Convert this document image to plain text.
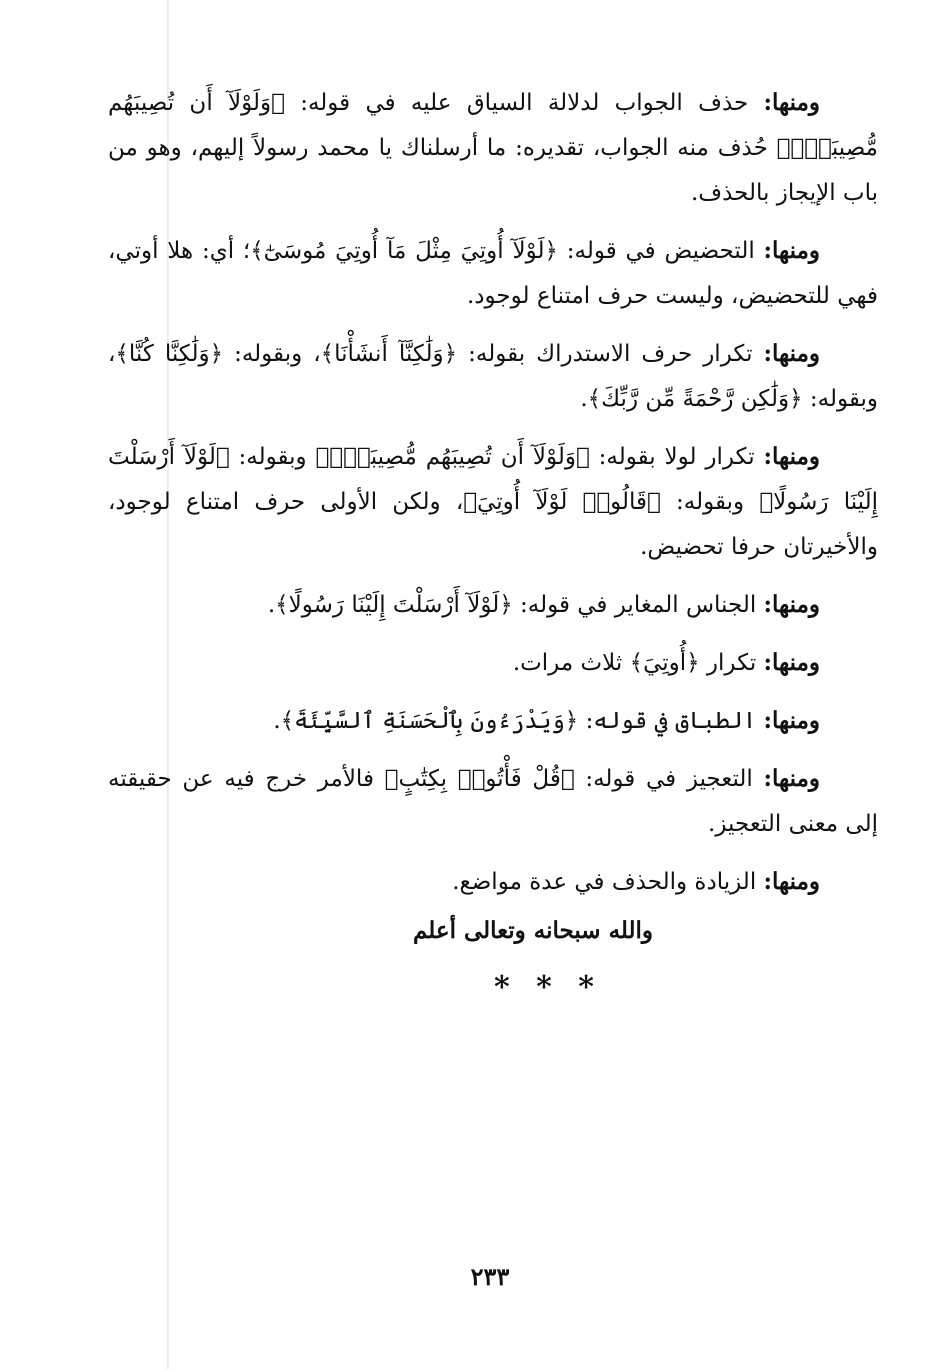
ومنها: حذف الجواب لدلالة السياق عليه في قوله: ﴿وَلَوْلَآ أَن تُصِيبَهُم مُّصِيبَةٌۢ﴾ حُذف منه الجواب، تقديره: ما أرسلناك يا محمد رسولاً إليهم، وهو من باب الإيجاز بالحذف.

ومنها: التحضيض في قوله: ﴿لَوْلَآ أُوتِيَ مِثْلَ مَآ أُوتِيَ مُوسَىٰٓ﴾؛ أي: هلا أوتي، فهي للتحضيض، وليست حرف امتناع لوجود.

ومنها: تكرار حرف الاستدراك بقوله: ﴿وَلَٰكِنَّآ أَنشَأْنَا﴾، وبقوله: ﴿وَلَٰكِنَّا كُنَّا﴾، وبقوله: ﴿وَلَٰكِن رَّحْمَةً مِّن رَّبِّكَ﴾.

ومنها: تكرار لولا بقوله: ﴿وَلَوْلَآ أَن تُصِيبَهُم مُّصِيبَةٌۢ﴾ وبقوله: ﴿لَوْلَآ أَرْسَلْتَ إِلَيْنَا رَسُولًا﴾ وبقوله: ﴿قَالُوا۟ لَوْلَآ أُوتِيَ﴾، ولكن الأولى حرف امتناع لوجود، والأخيرتان حرفا تحضيض.

ومنها: الجناس المغاير في قوله: ﴿لَوْلَآ أَرْسَلْتَ إِلَيْنَا رَسُولًا﴾.

ومنها: تكرار ﴿أُوتِيَ﴾ ثلاث مرات.

ومنها: الطباق في قوله: ﴿وَيَدْرَءُونَ بِٱلْحَسَنَةِ ٱلسَّيِّئَةَ﴾.

ومنها: التعجيز في قوله: ﴿قُلْ فَأْتُوا۟ بِكِتَٰبٍ﴾ فالأمر خرج فيه عن حقيقته إلى معنى التعجيز.

ومنها: الزيادة والحذف في عدة مواضع.

والله سبحانه وتعالى أعلم
* * *
٢٣٣
